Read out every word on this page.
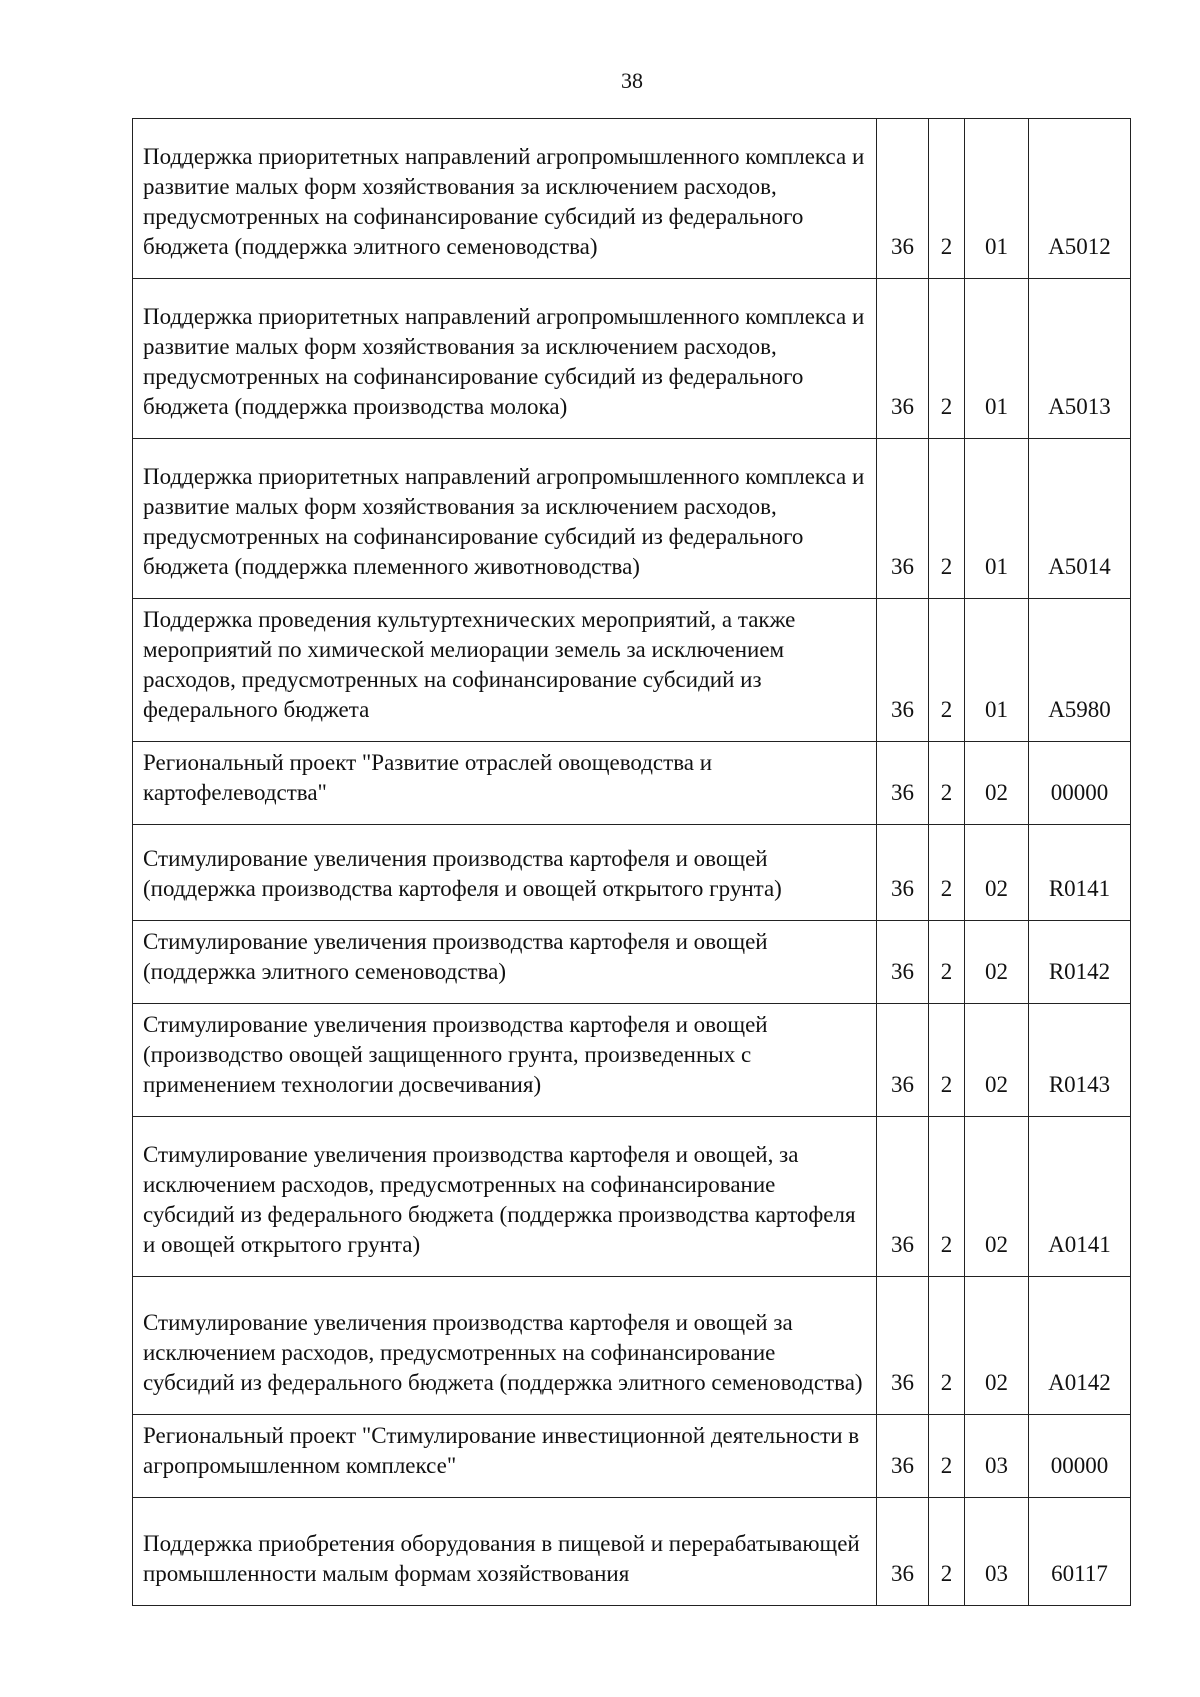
38
Поддержка приоритетных направлений агропромышленного комплекса и развитие малых форм хозяйствования за исключением расходов, предусмотренных на софинансирование субсидий из федерального бюджета (поддержка элитного семеноводства)	36	2	01	А5012
Поддержка приоритетных направлений агропромышленного комплекса и развитие малых форм хозяйствования за исключением расходов, предусмотренных на софинансирование субсидий из федерального бюджета (поддержка производства молока)	36	2	01	А5013
Поддержка приоритетных направлений агропромышленного комплекса и развитие малых форм хозяйствования за исключением расходов, предусмотренных на софинансирование субсидий из федерального бюджета (поддержка племенного животноводства)	36	2	01	А5014
Поддержка проведения культуртехнических мероприятий, а также мероприятий по химической мелиорации земель за исключением расходов, предусмотренных на софинансирование субсидий из федерального бюджета	36	2	01	А5980
Региональный проект "Развитие отраслей овощеводства и картофелеводства"	36	2	02	00000
Стимулирование увеличения производства картофеля и овощей (поддержка производства картофеля и овощей открытого грунта)	36	2	02	R0141
Стимулирование увеличения производства картофеля и овощей (поддержка элитного семеноводства)	36	2	02	R0142
Стимулирование увеличения производства картофеля и овощей (производство овощей защищенного грунта, произведенных с применением технологии досвечивания)	36	2	02	R0143
Стимулирование увеличения производства картофеля и овощей, за исключением расходов, предусмотренных на софинансирование субсидий из федерального бюджета (поддержка производства картофеля и овощей открытого грунта)	36	2	02	А0141
Стимулирование увеличения производства картофеля и овощей за исключением расходов, предусмотренных на софинансирование субсидий из федерального бюджета (поддержка элитного семеноводства)	36	2	02	А0142
Региональный проект "Стимулирование инвестиционной деятельности в агропромышленном комплексе"	36	2	03	00000
Поддержка приобретения оборудования в пищевой и перерабатывающей промышленности малым формам хозяйствования	36	2	03	60117
